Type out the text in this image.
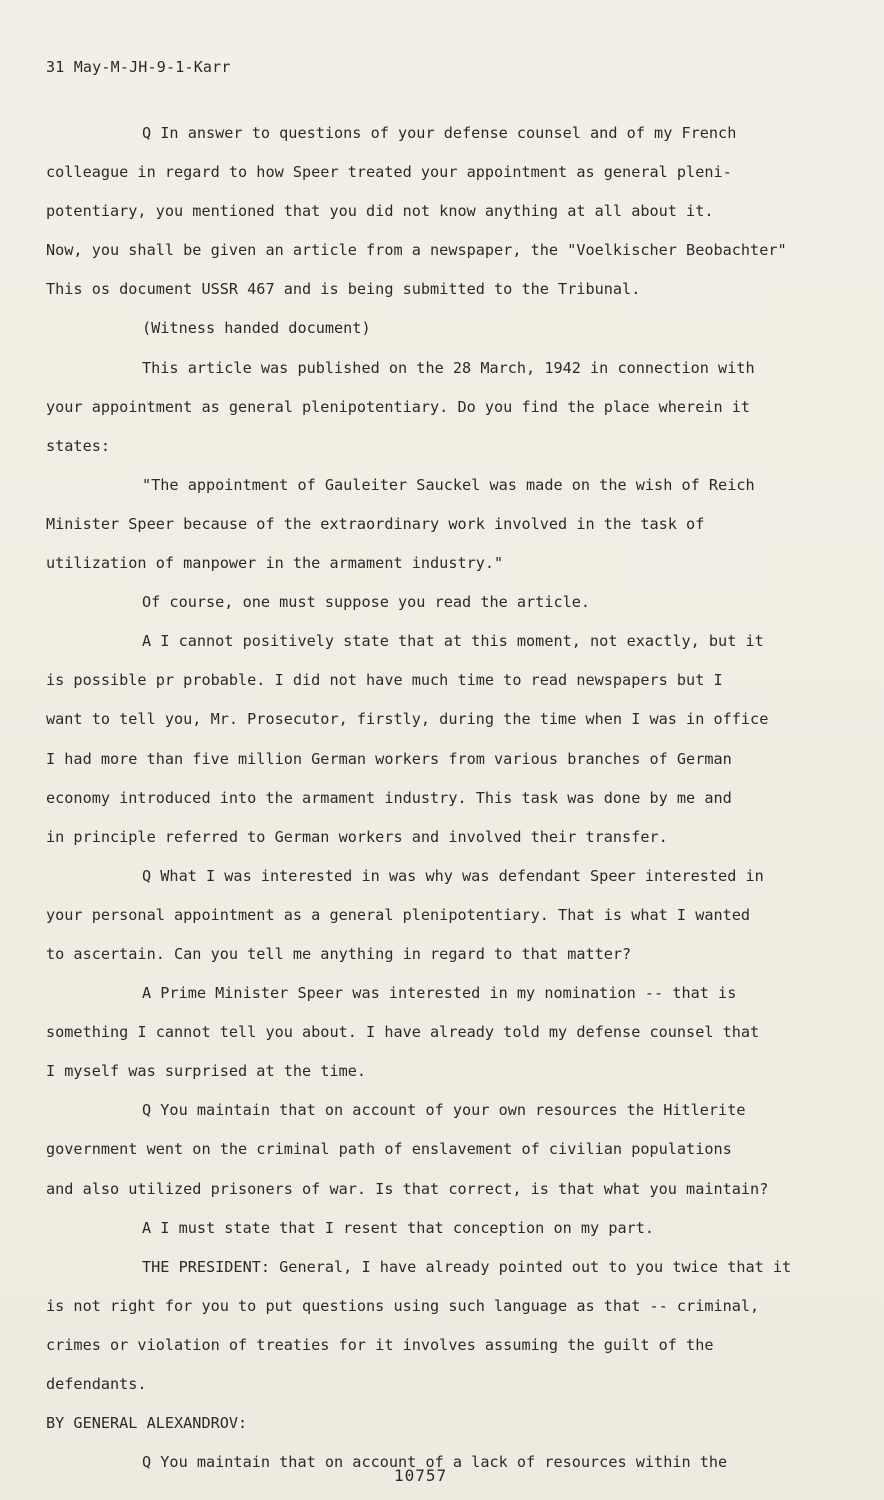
31 May-M-JH-9-1-Karr
Q In answer to questions of your defense counsel and of my French
colleague in regard to how Speer treated your appointment as general pleni-
potentiary, you mentioned that you did not know anything at all about it.
Now, you shall be given an article from a newspaper, the "Voelkischer Beobachter"
This os document USSR 467 and is being submitted to the Tribunal.
(Witness handed document)
This article was published on the 28 March, 1942 in connection with
your appointment as general plenipotentiary. Do you find the place wherein it
states:
"The appointment of Gauleiter Sauckel was made on the wish of Reich
Minister Speer because of the extraordinary work involved in the task of
utilization of manpower in the armament industry."
Of course, one must suppose you read the article.
A I cannot positively state that at this moment, not exactly, but it
is possible pr probable. I did not have much time to read newspapers but I
want to tell you, Mr. Prosecutor, firstly, during the time when I was in office
I had more than five million German workers from various branches of German
economy introduced into the armament industry. This task was done by me and
in principle referred to German workers and involved their transfer.
Q What I was interested in was why was defendant Speer interested in
your personal appointment as a general plenipotentiary. That is what I wanted
to ascertain. Can you tell me anything in regard to that matter?
A Prime Minister Speer was interested in my nomination -- that is
something I cannot tell you about. I have already told my defense counsel that
I myself was surprised at the time.
Q You maintain that on account of your own resources the Hitlerite
government went on the criminal path of enslavement of civilian populations
and also utilized prisoners of war. Is that correct, is that what you maintain?
A I must state that I resent that conception on my part.
THE PRESIDENT: General, I have already pointed out to you twice that it
is not right for you to put questions using such language as that -- criminal,
crimes or violation of treaties for it involves assuming the guilt of the
defendants.
BY GENERAL ALEXANDROV:
Q You maintain that on account of a lack of resources within the
10757
